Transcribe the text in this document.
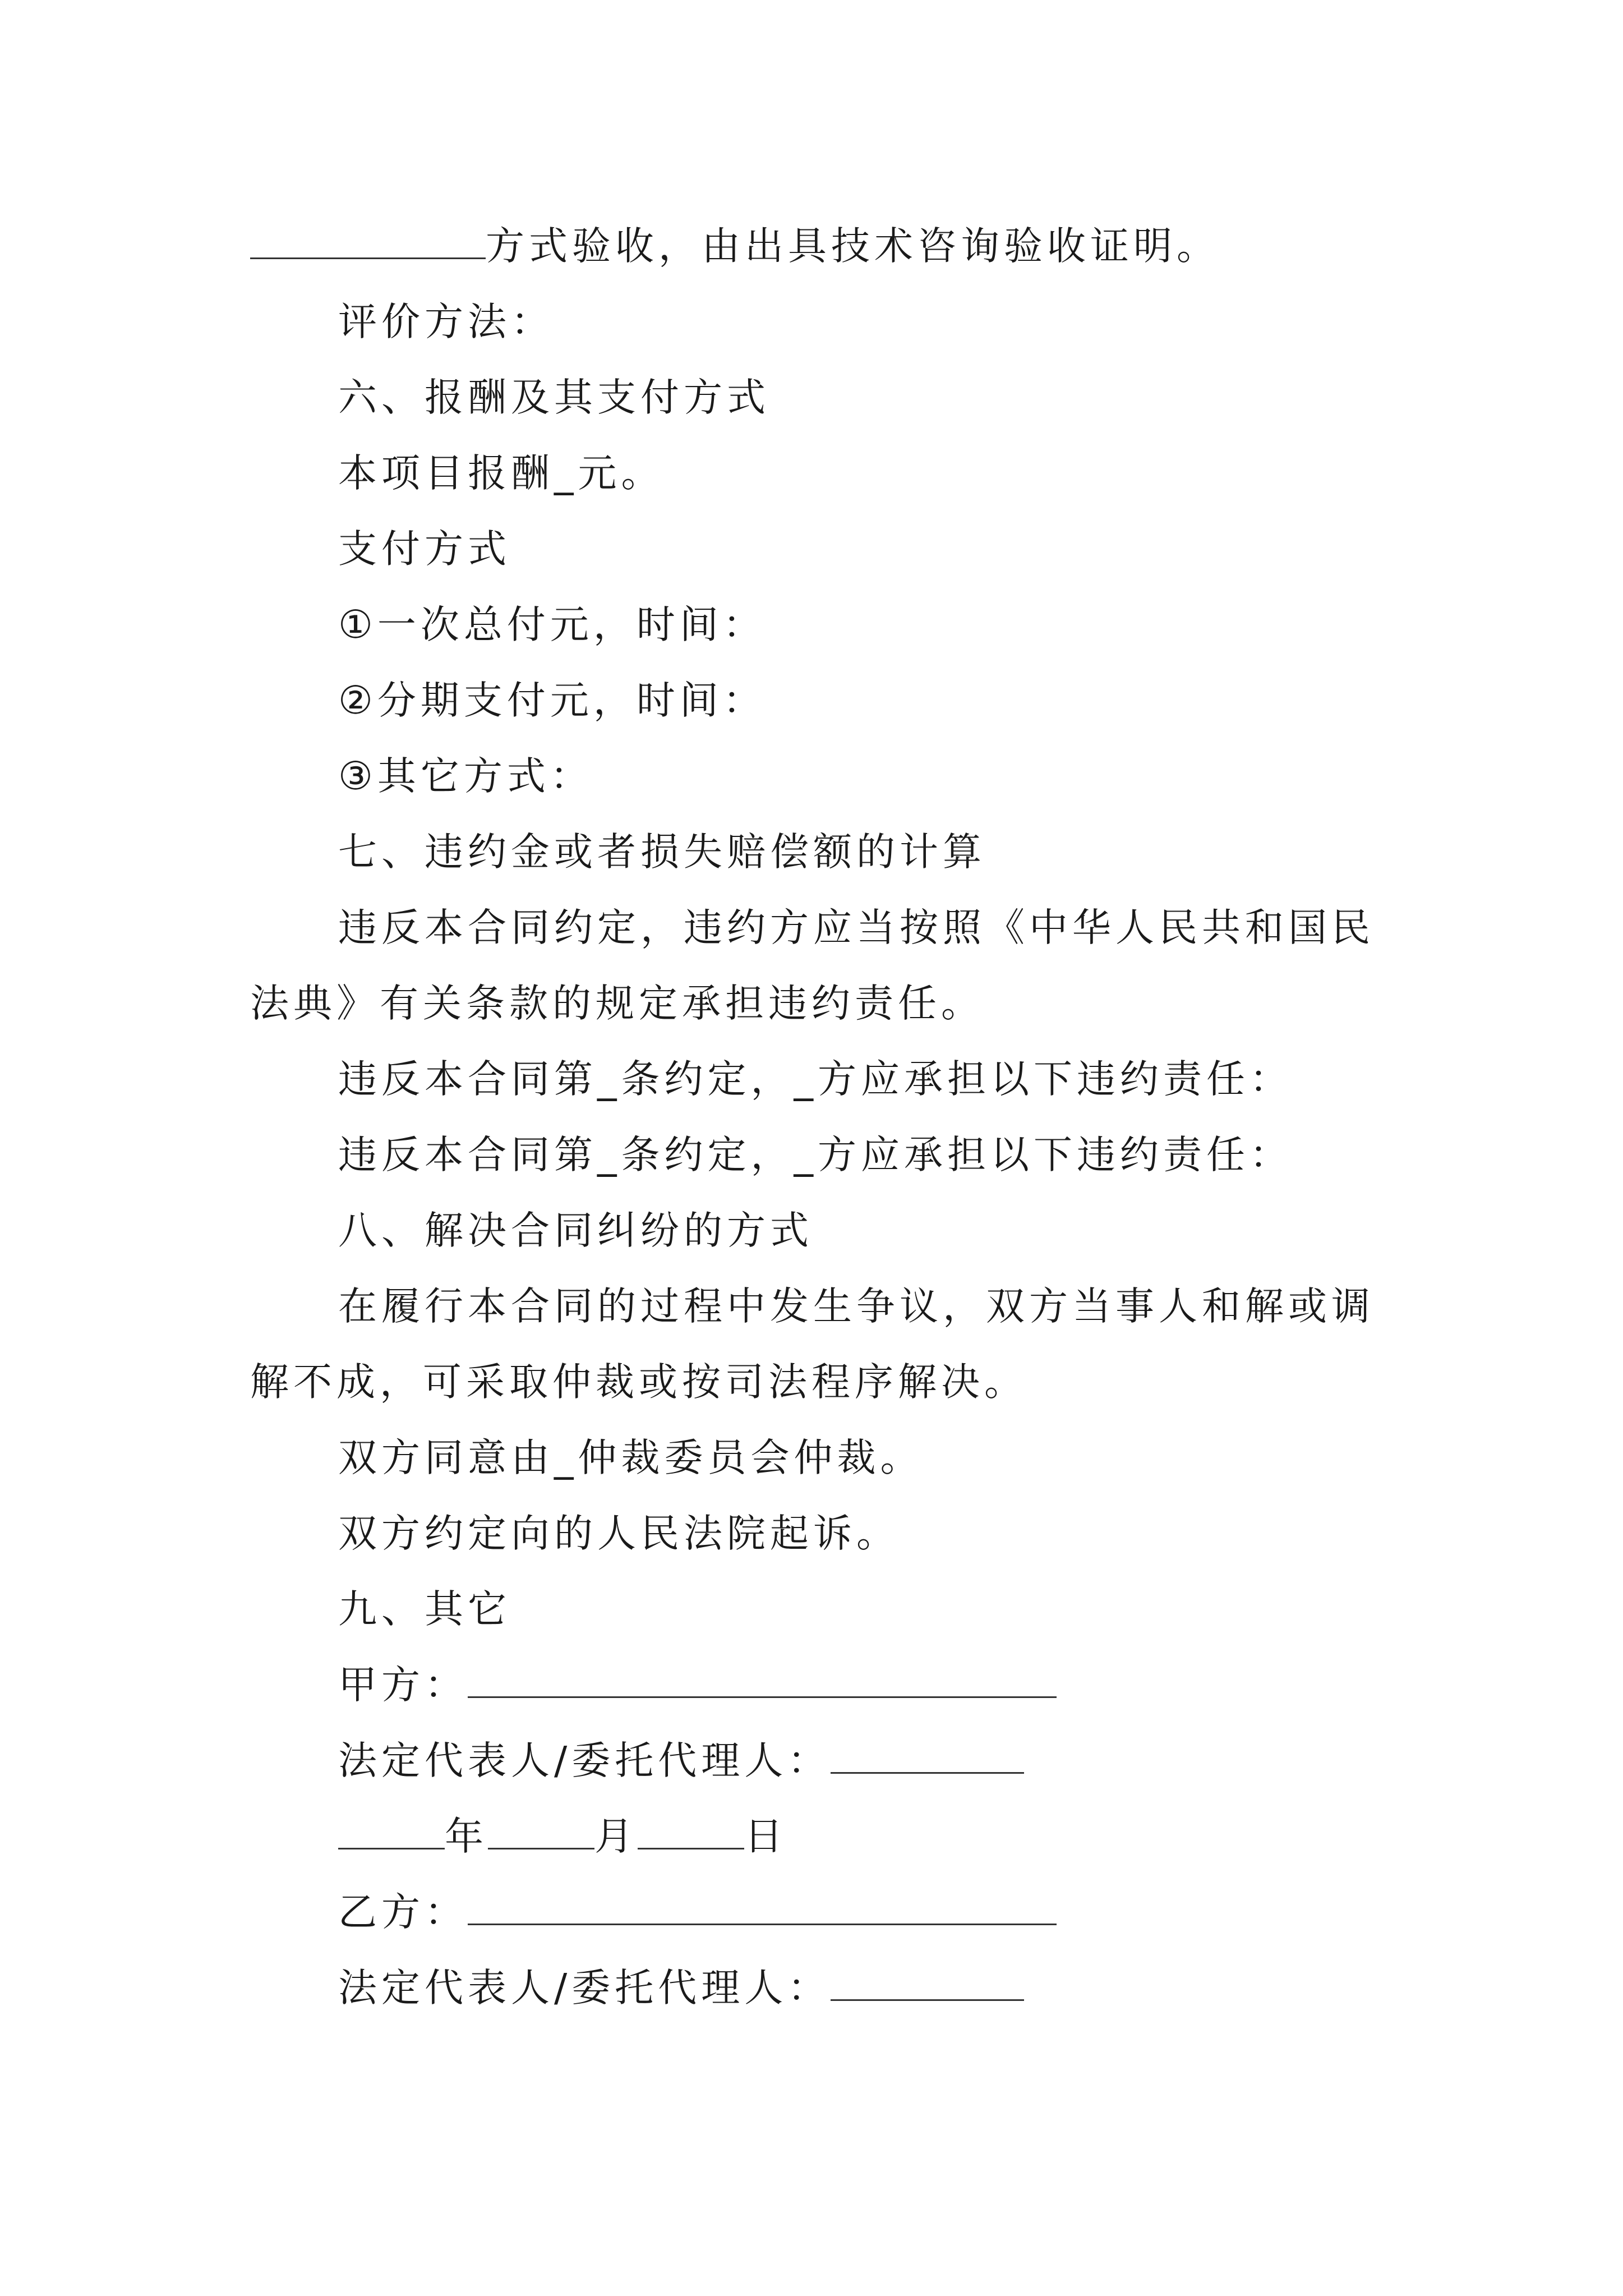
方式验收，由出具技术咨询验收证明。
评价方法：
六、报酬及其支付方式
本项目报酬_元。
支付方式
①一次总付元，时间：
②分期支付元，时间：
③其它方式：
七、违约金或者损失赔偿额的计算
违反本合同约定，违约方应当按照《中华人民共和国民
法典》有关条款的规定承担违约责任。
违反本合同第_条约定，_方应承担以下违约责任：
违反本合同第_条约定，_方应承担以下违约责任：
八、解决合同纠纷的方式
在履行本合同的过程中发生争议，双方当事人和解或调
解不成，可采取仲裁或按司法程序解决。
双方同意由_仲裁委员会仲裁。
双方约定向的人民法院起诉。
九、其它
甲方：
法定代表人/委托代理人：
年	月	日
乙方：
法定代表人/委托代理人：
